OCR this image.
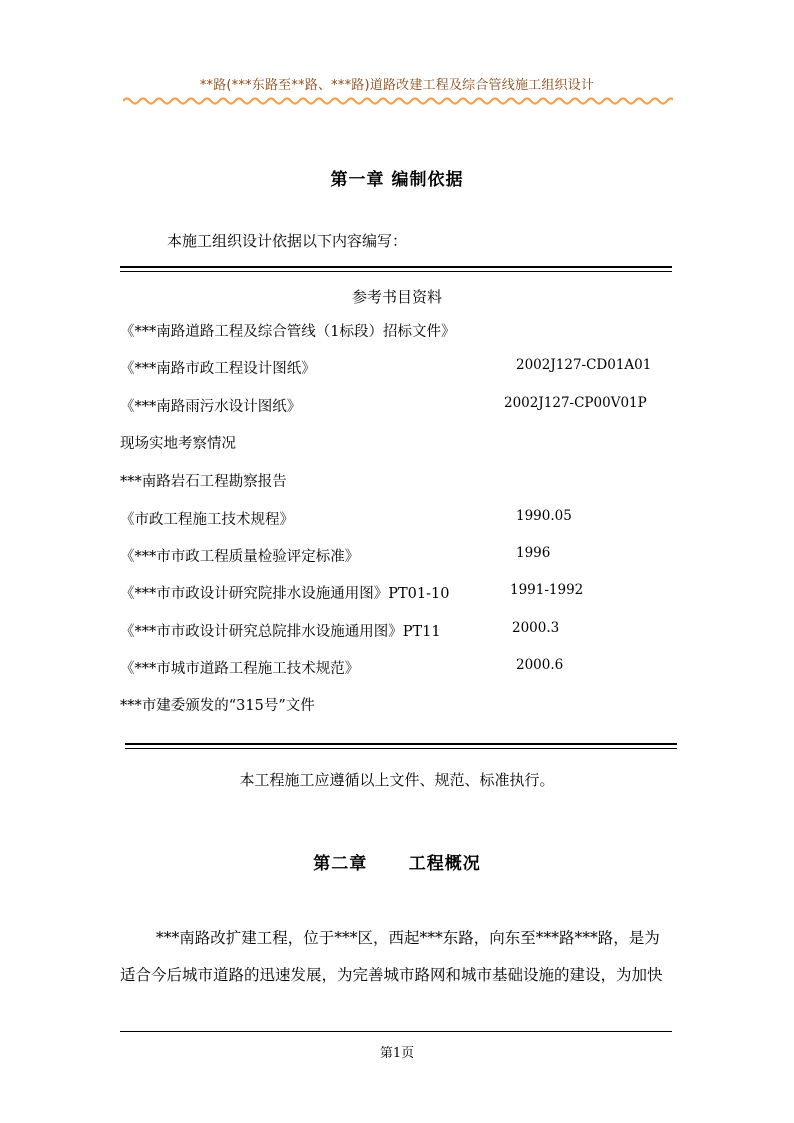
**路(***东路至**路、***路)道路改建工程及综合管线施工组织设计
第一章 编制依据
本施工组织设计依据以下内容编写：
参考书目资料
《***南路道路工程及综合管线（1标段）招标文件》
《***南路市政工程设计图纸》	2002J127-CD01A01
《***南路雨污水设计图纸》	2002J127-CP00V01P
现场实地考察情况
***南路岩石工程勘察报告
《市政工程施工技术规程》	1990.05
《***市市政工程质量检验评定标准》	1996
《***市市政设计研究院排水设施通用图》PT01-10	1991-1992
《***市市政设计研究总院排水设施通用图》PT11	2000.3
《***市城市道路工程施工技术规范》	2000.6
***市建委颁发的“315号”文件
本工程施工应遵循以上文件、规范、标准执行。
第二章      工程概况
***南路改扩建工程，位于***区，西起***东路，向东至***路***路，是为
适合今后城市道路的迅速发展，为完善城市路网和城市基础设施的建设，为加快
第1页
